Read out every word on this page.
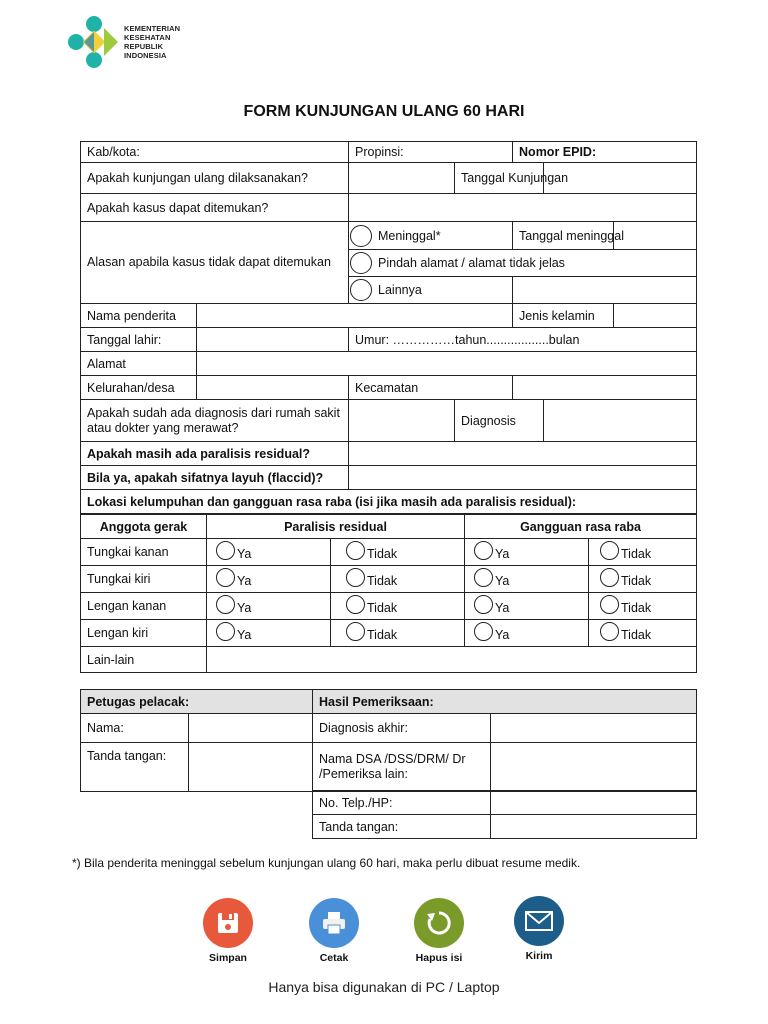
KEMENTERIAN
KESEHATAN
REPUBLIK
INDONESIA
FORM KUNJUNGAN ULANG 60 HARI
Kab/kota:		Propinsi:		Nomor EPID:		
Apakah kunjungan ulang dilaksanakan?			Tanggal Kunjungan			
Apakah kasus dapat ditemukan?						
Alasan apabila kasus tidak dapat ditemukan		Meninggal*		Tanggal meninggal		

		Pindah alamat / alamat tidak jelas				

		Lainnya				

Nama penderita				Jenis kelamin		
Tanggal lahir:		Umur: ……………tahun..................bulan				
Alamat						
Kelurahan/desa		Kecamatan				
Apakah sudah ada diagnosis dari rumah sakit atau dokter yang merawat?			Diagnosis			
Apakah masih ada paralisis residual?						
Bila ya, apakah sifatnya layuh (flaccid)?						
Lokasi kelumpuhan dan gangguan rasa raba (isi jika masih ada paralisis residual):						
Anggota gerak	Paralisis residual		Gangguan rasa raba	
Tungkai kanan	Ya	Tidak	Ya	Tidak

Tungkai kiri	Ya	Tidak	Ya	Tidak

Lengan kanan	Ya	Tidak	Ya	Tidak

Lengan kiri	Ya	Tidak	Ya	Tidak

Lain-lain				
Petugas pelacak:		Hasil Pemeriksaan:	
Nama:		Diagnosis akhir:	
Tanda tangan:		Nama DSA /DSS/DRM/ Dr /Pemeriksa lain:	
No. Telp./HP:	
Tanda tangan:	
*) Bila penderita meninggal sebelum kunjungan ulang 60 hari, maka perlu dibuat resume medik.
Simpan	Cetak	Hapus isi	Kirim
Hanya bisa digunakan di PC / Laptop
